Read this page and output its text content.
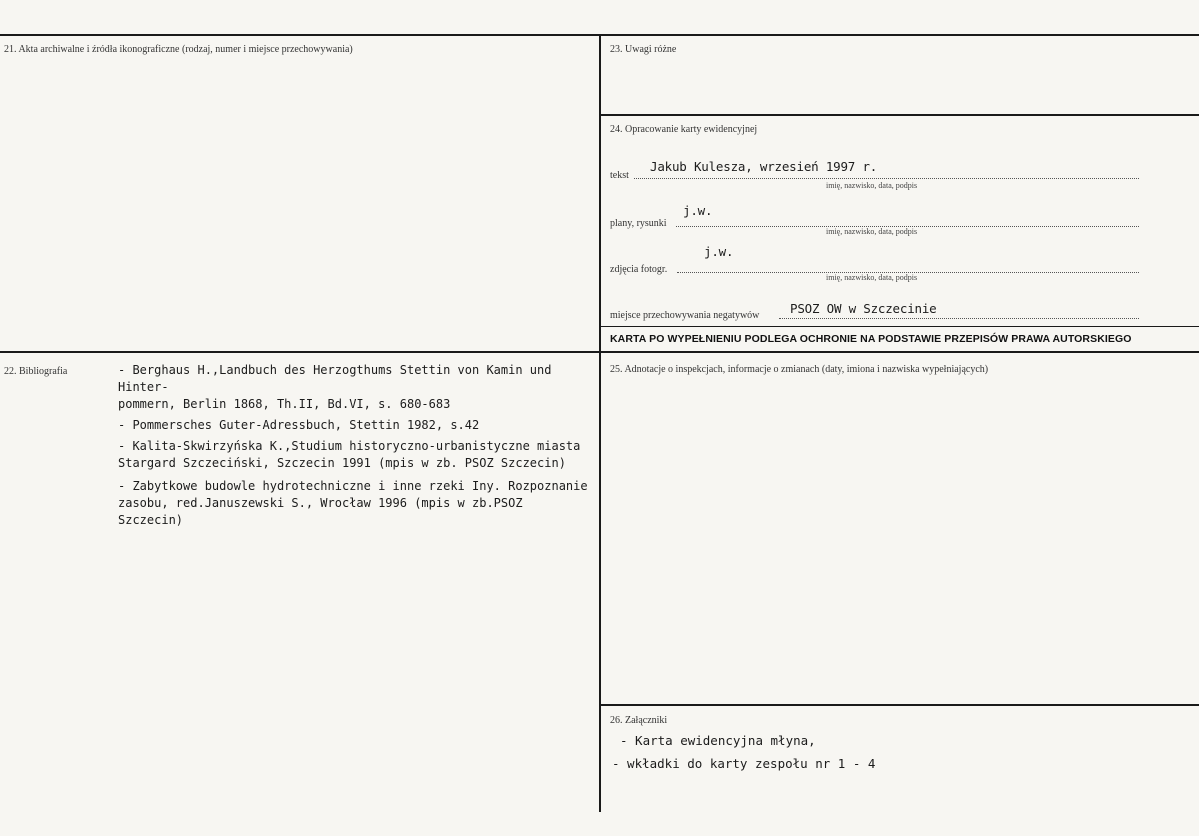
21. Akta archiwalne i źródła ikonograficzne (rodzaj, numer i miejsce przechowywania)	23. Uwagi różne
24. Opracowanie karty ewidencyjnej
tekst
Jakub Kulesza, wrzesień 1997 r.
imię, nazwisko, data, podpis
plany, rysunki
j.w.
imię, nazwisko, data, podpis
zdjęcia fotogr.
j.w.
imię, nazwisko, data, podpis
miejsce przechowywania negatywów PSOZ OW w Szczecinie
KARTA PO WYPEŁNIENIU PODLEGA OCHRONIE NA PODSTAWIE PRZEPISÓW PRAWA AUTORSKIEGO
22. Bibliografia	- Berghaus H.,Landbuch des Herzogthums Stettin von Kamin und Hinter-
pommern, Berlin 1868, Th.II, Bd.VI, s. 680-683
- Pommersches Guter-Adressbuch, Stettin 1982, s.42
- Kalita-Skwirzyńska K.,Studium historyczno-urbanistyczne miasta
Stargard Szczeciński, Szczecin 1991 (mpis w zb. PSOZ Szczecin)
- Zabytkowe budowle hydrotechniczne i inne rzeki Iny. Rozpoznanie
zasobu, red.Januszewski S., Wrocław 1996 (mpis w zb.PSOZ Szczecin)
25. Adnotacje o inspekcjach, informacje o zmianach (daty, imiona i nazwiska wypełniających)
26. Załączniki
- Karta ewidencyjna młyna,
- wkładki do karty zespołu nr 1 - 4
